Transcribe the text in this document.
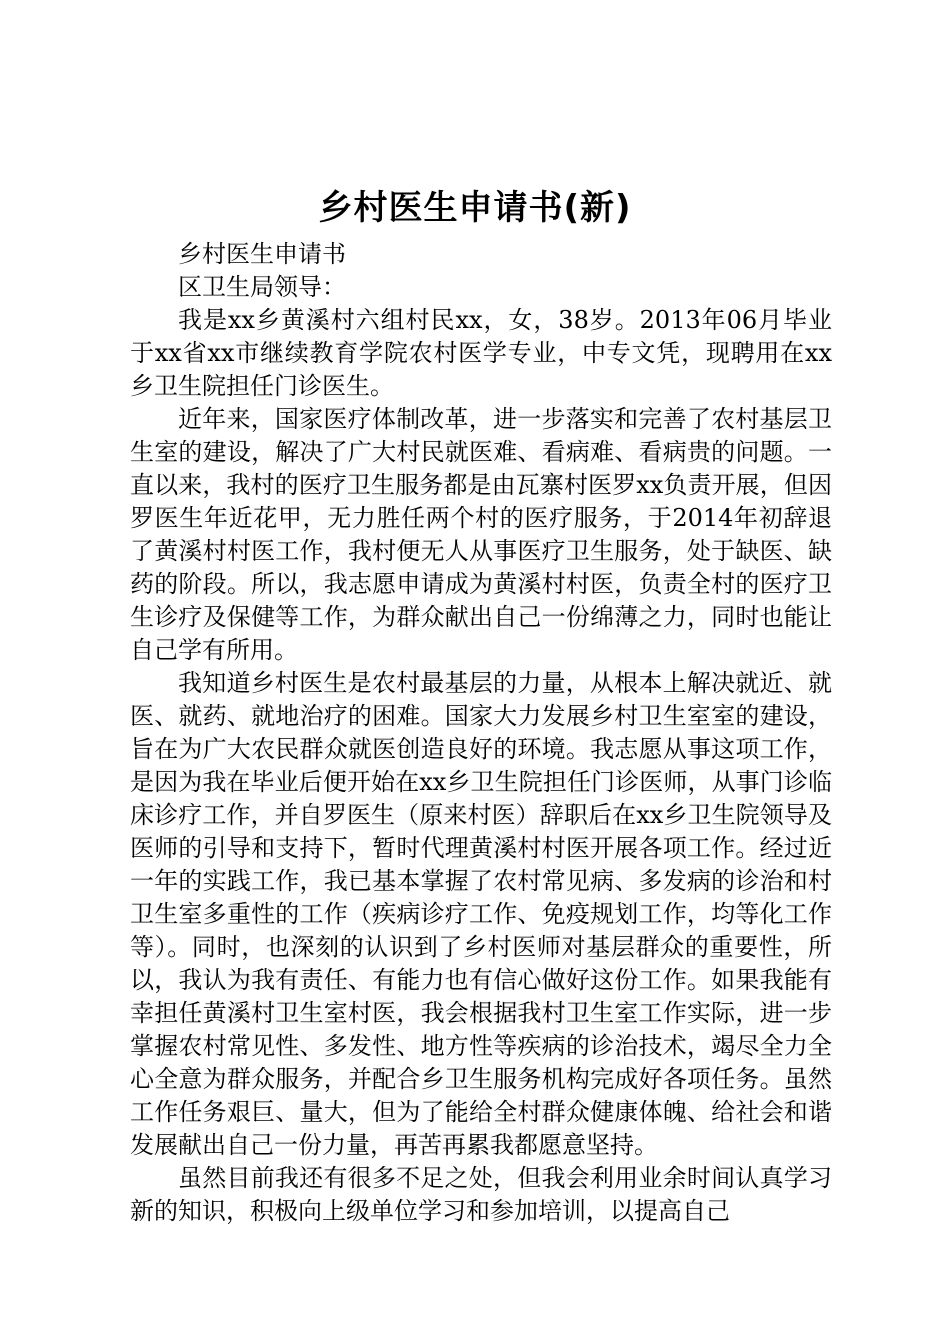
乡村医生申请书(新)

乡村医生申请书

区卫生局领导：

我是xx乡黄溪村六组村民xx，女，38岁。2013年06月毕业于xx省xx市继续教育学院农村医学专业，中专文凭，现聘用在xx乡卫生院担任门诊医生。

近年来，国家医疗体制改革，进一步落实和完善了农村基层卫生室的建设，解决了广大村民就医难、看病难、看病贵的问题。一直以来，我村的医疗卫生服务都是由瓦寨村医罗xx负责开展，但因罗医生年近花甲，无力胜任两个村的医疗服务，于2014年初辞退了黄溪村村医工作，我村便无人从事医疗卫生服务，处于缺医、缺药的阶段。所以，我志愿申请成为黄溪村村医，负责全村的医疗卫生诊疗及保健等工作，为群众献出自己一份绵薄之力，同时也能让自己学有所用。

我知道乡村医生是农村最基层的力量，从根本上解决就近、就医、就药、就地治疗的困难。国家大力发展乡村卫生室室的建设，旨在为广大农民群众就医创造良好的环境。我志愿从事这项工作，是因为我在毕业后便开始在xx乡卫生院担任门诊医师，从事门诊临床诊疗工作，并自罗医生（原来村医）辞职后在xx乡卫生院领导及医师的引导和支持下，暂时代理黄溪村村医开展各项工作。经过近一年的实践工作，我已基本掌握了农村常见病、多发病的诊治和村卫生室多重性的工作（疾病诊疗工作、免疫规划工作，均等化工作等）。同时，也深刻的认识到了乡村医师对基层群众的重要性，所以，我认为我有责任、有能力也有信心做好这份工作。如果我能有幸担任黄溪村卫生室村医，我会根据我村卫生室工作实际，进一步掌握农村常见性、多发性、地方性等疾病的诊治技术，竭尽全力全心全意为群众服务，并配合乡卫生服务机构完成好各项任务。虽然工作任务艰巨、量大，但为了能给全村群众健康体魄、给社会和谐发展献出自己一份力量，再苦再累我都愿意坚持。

虽然目前我还有很多不足之处，但我会利用业余时间认真学习新的知识，积极向上级单位学习和参加培训，以提高自己
